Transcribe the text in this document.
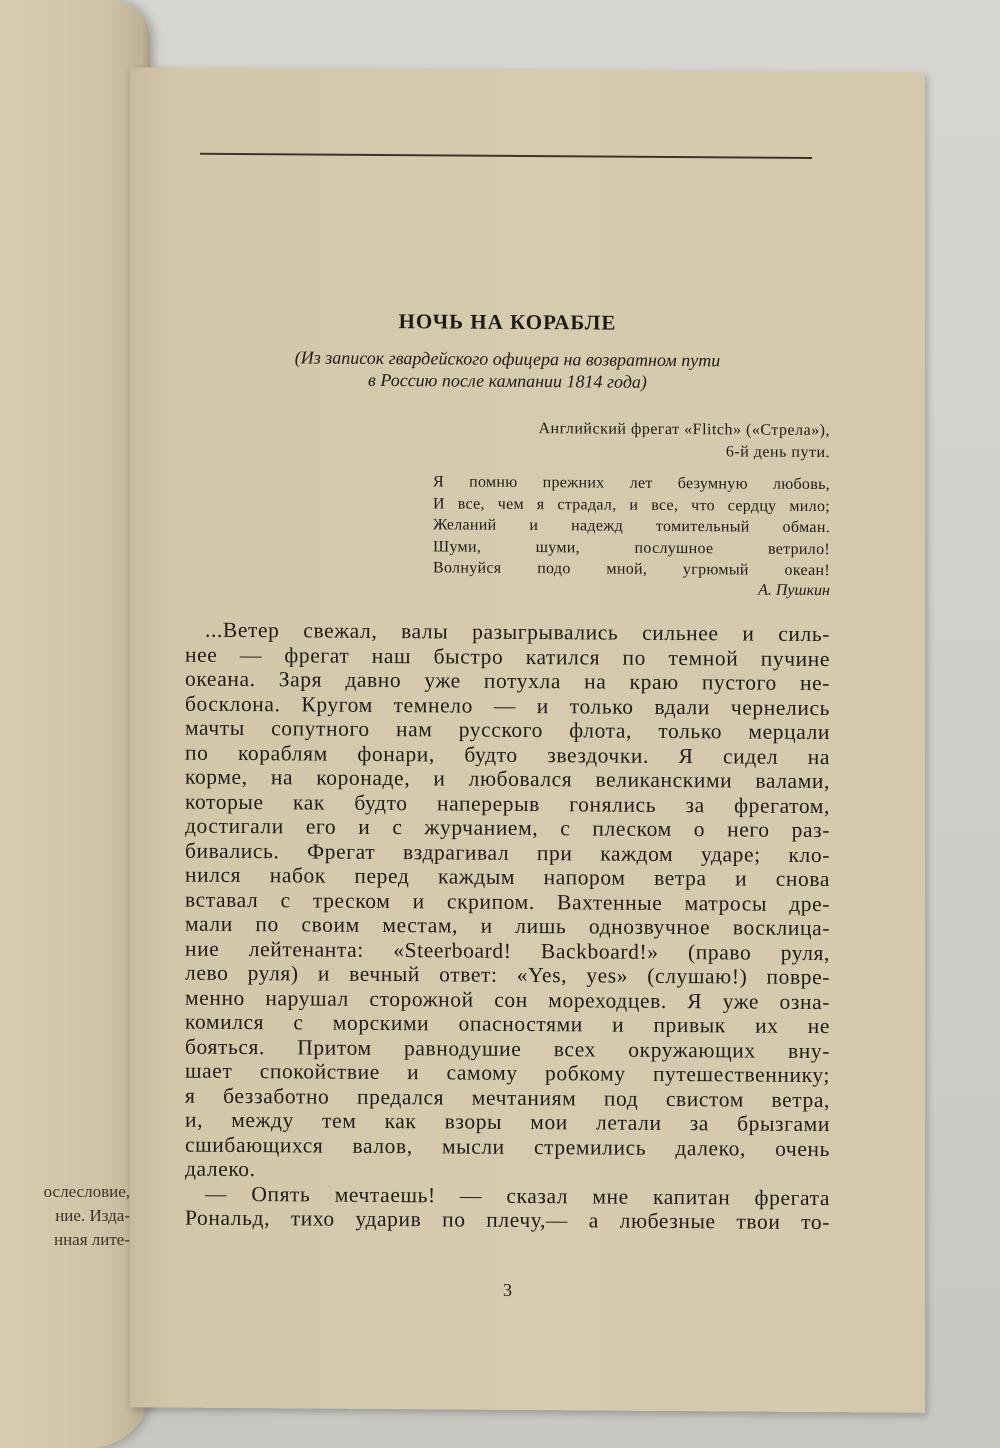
ослесловие,
ние. Изда-
нная лите-
НОЧЬ НА КОРАБЛЕ
(Из записок гвардейского офицера на возвратном пути
в Россию после кампании 1814 года)
Английский фрегат «Flitch» («Стрела»),
6-й день пути.
Я помню прежних лет безумную любовь,
И все, чем я страдал, и все, что сердцу мило;
Желаний и надежд томительный обман.
Шуми, шуми, послушное ветрило!
Волнуйся подо мной, угрюмый океан!
А. Пушкин
...Ветер свежал, валы разыгрывались сильнее и силь-
нее — фрегат наш быстро катился по темной пучине
океана. Заря давно уже потухла на краю пустого не-
босклона. Кругом темнело — и только вдали чернелись
мачты сопутного нам русского флота, только мерцали
по кораблям фонари, будто звездочки. Я сидел на
корме, на коронаде, и любовался великанскими валами,
которые как будто наперерыв гонялись за фрегатом,
достигали его и с журчанием, с плеском о него раз-
бивались. Фрегат вздрагивал при каждом ударе; кло-
нился набок перед каждым напором ветра и снова
вставал с треском и скрипом. Вахтенные матросы дре-
мали по своим местам, и лишь однозвучное восклица-
ние лейтенанта: «Steerboard! Backboard!» (право руля,
лево руля) и вечный ответ: «Yes, yes» (слушаю!) повре-
менно нарушал сторожной сон мореходцев. Я уже озна-
комился с морскими опасностями и привык их не
бояться. Притом равнодушие всех окружающих вну-
шает спокойствие и самому робкому путешественнику;
я беззаботно предался мечтаниям под свистом ветра,
и, между тем как взоры мои летали за брызгами
сшибающихся валов, мысли стремились далеко, очень
далеко.
— Опять мечтаешь! — сказал мне капитан фрегата
Рональд, тихо ударив по плечу,— а любезные твои то-
3
